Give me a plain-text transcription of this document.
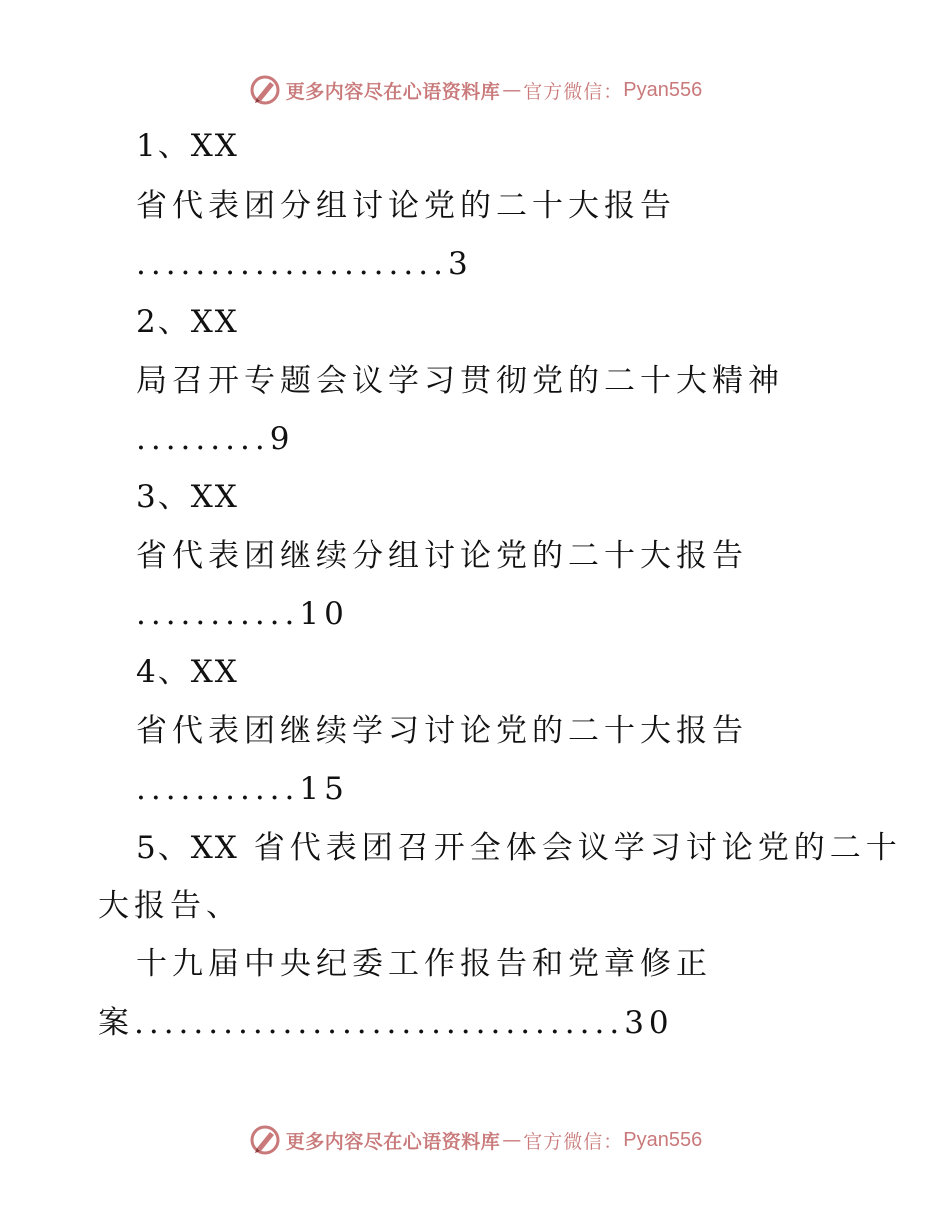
更多内容尽在心语资料库 — 官方微信： Pyan556
1、XX
省代表团分组讨论党的二十大报告
.....................3
2、XX
局召开专题会议学习贯彻党的二十大精神
.........9
3、XX
省代表团继续分组讨论党的二十大报告
...........10
4、XX
省代表团继续学习讨论党的二十大报告
...........15
5、XX 省代表团召开全体会议学习讨论党的二十
大报告、
十九届中央纪委工作报告和党章修正
案.................................30
更多内容尽在心语资料库 — 官方微信： Pyan556
